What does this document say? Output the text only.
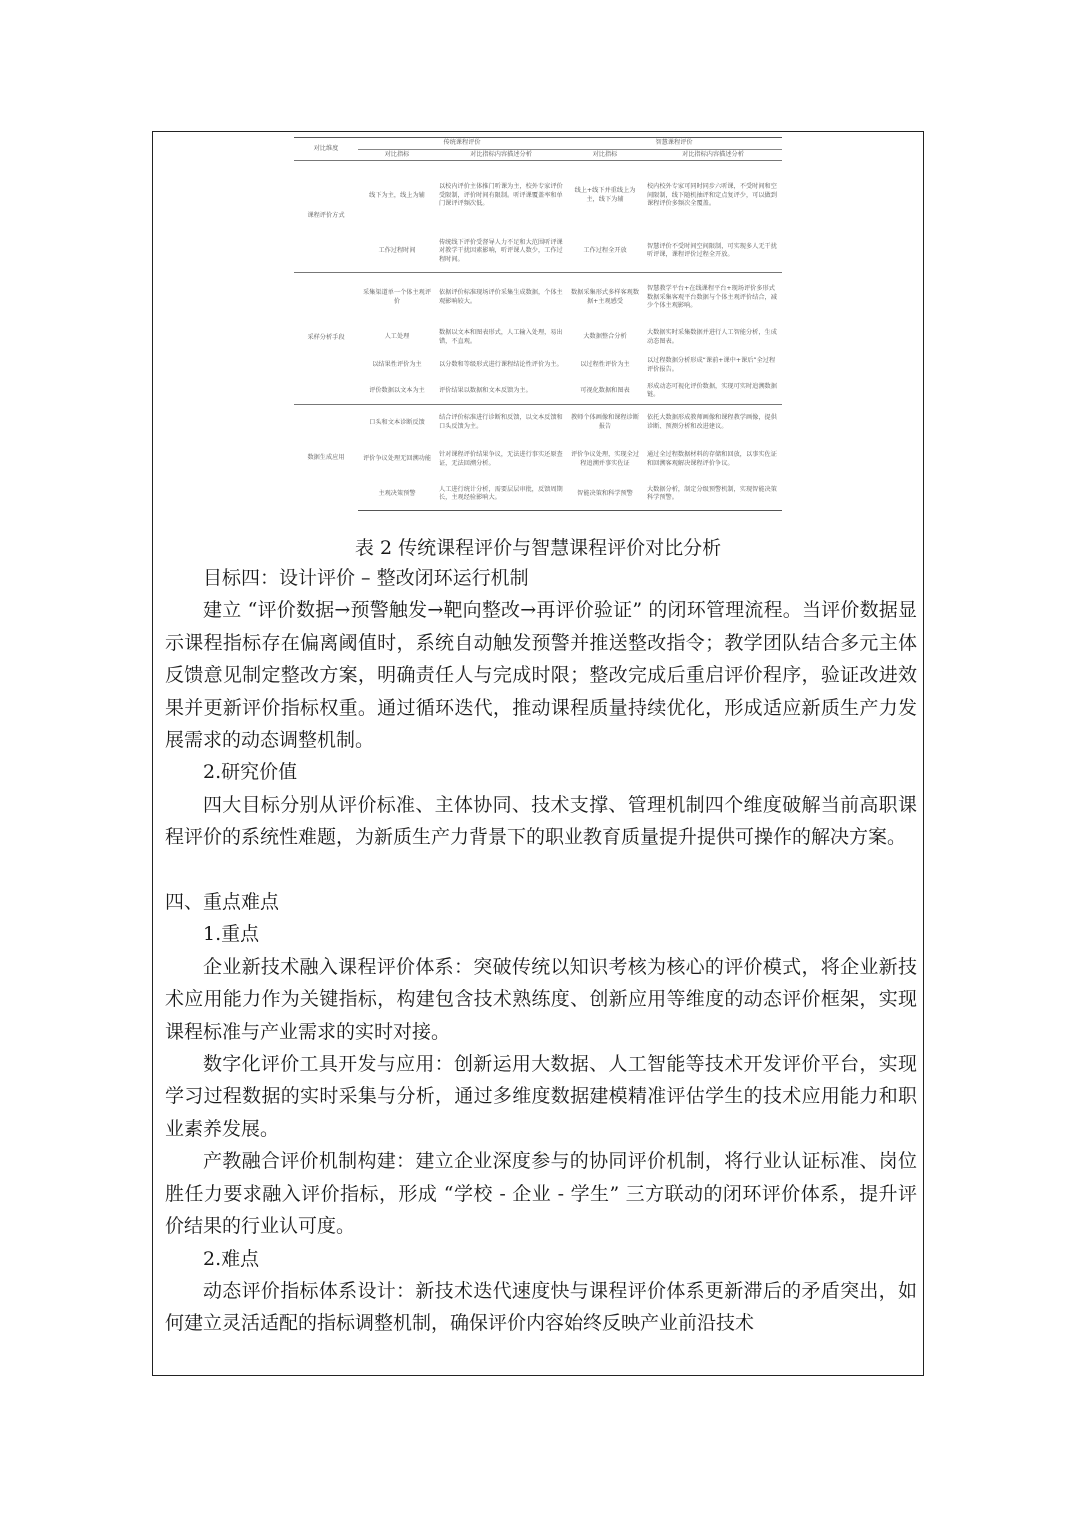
对比维度	传统课程评价		智慧课程评价	
	对比指标	对比指标内容描述分析	对比指标	对比指标内容描述分析
课程评价方式	线下为主，线上为辅	以校内评价主体推门听课为主，校外专家评价受限制，评价时间有限制。听评课覆盖率和单门课评评频次低。	线上+线下并重线上为主，线下为辅	校内校外专家可同时同步六听课，不受时间和空间限制，线下随机抽评和定点复评少，可以做到课程评价多频次全覆盖。
	工作过程时间	传统线下评价受督导人力不足和大范围听评课对教学干扰因素影响，听评课人数少，工作过程时间。	工作过程全开放	智慧评价不受时间空间限制，可实现多人无干扰听评课，课程评价过程全开放。
采样分析手段	采集渠道单一个体主观评价	依据评价标准现场评价采集生成数据，个体主观影响较大。	数据采集形式多样客观数据+主观感受	智慧教学平台+在线课程平台+现场评价多形式数据采集客观平台数据与个体主观评价结合，减少个体主观影响。
	人工处理	数据以文本和图表形式，人工输入处理，易出错，不直观。	大数据整合分析	大数据实时采集数据并进行人工智能分析，生成动态图表。
	以结果性评价为主	以分数和等级形式进行课程结论性评价为主。	以过程性评价为主	以过程数据分析形成“课前+课中+课后”全过程评价报告。
	评价数据以文本为主	评价结果以数据和文本反馈为主。	可视化数据和图表	形成动态可视化评价数据，实现可实时追溯数据链。
数据生成应用	口头和文本诊断反馈	结合评价标准进行诊断和反馈，以文本反馈和口头反馈为主。	教师个体画像和课程诊断报告	依托大数据形成教师画像和课程教学画像，提供诊断、预测分析和改进建议。
	评价争议处理无回溯功能	针对课程评价结果争议，无法进行事实还原查证，无法回溯分析。	评价争议处理，实现全过程追溯并事实佐证	通过全过程数据材料的存储和回放，以事实佐证和回溯客观解决课程评价争议。
	主观决策预警	人工进行统计分析，需要层层审批，反馈周期长，主观经验影响大。	智能决策和科学预警	大数据分析，制定分级预警机制，实现智能决策科学预警。
表 2 传统课程评价与智慧课程评价对比分析

目标四：设计评价 – 整改闭环运行机制

建立 “评价数据→预警触发→靶向整改→再评价验证” 的闭环管理流程。当评价数据显示课程指标存在偏离阈值时，系统自动触发预警并推送整改指令；教学团队结合多元主体反馈意见制定整改方案，明确责任人与完成时限；整改完成后重启评价程序，验证改进效果并更新评价指标权重。通过循环迭代，推动课程质量持续优化，形成适应新质生产力发展需求的动态调整机制。

2.研究价值

四大目标分别从评价标准、主体协同、技术支撑、管理机制四个维度破解当前高职课程评价的系统性难题，为新质生产力背景下的职业教育质量提升提供可操作的解决方案。

四、重点难点

1.重点

企业新技术融入课程评价体系：突破传统以知识考核为核心的评价模式，将企业新技术应用能力作为关键指标，构建包含技术熟练度、创新应用等维度的动态评价框架，实现课程标准与产业需求的实时对接。

数字化评价工具开发与应用：创新运用大数据、人工智能等技术开发评价平台，实现学习过程数据的实时采集与分析，通过多维度数据建模精准评估学生的技术应用能力和职业素养发展。

产教融合评价机制构建：建立企业深度参与的协同评价机制，将行业认证标准、岗位胜任力要求融入评价指标，形成 “学校 - 企业 - 学生” 三方联动的闭环评价体系，提升评价结果的行业认可度。

2.难点

动态评价指标体系设计：新技术迭代速度快与课程评价体系更新滞后的矛盾突出，如何建立灵活适配的指标调整机制，确保评价内容始终反映产业前沿技术
